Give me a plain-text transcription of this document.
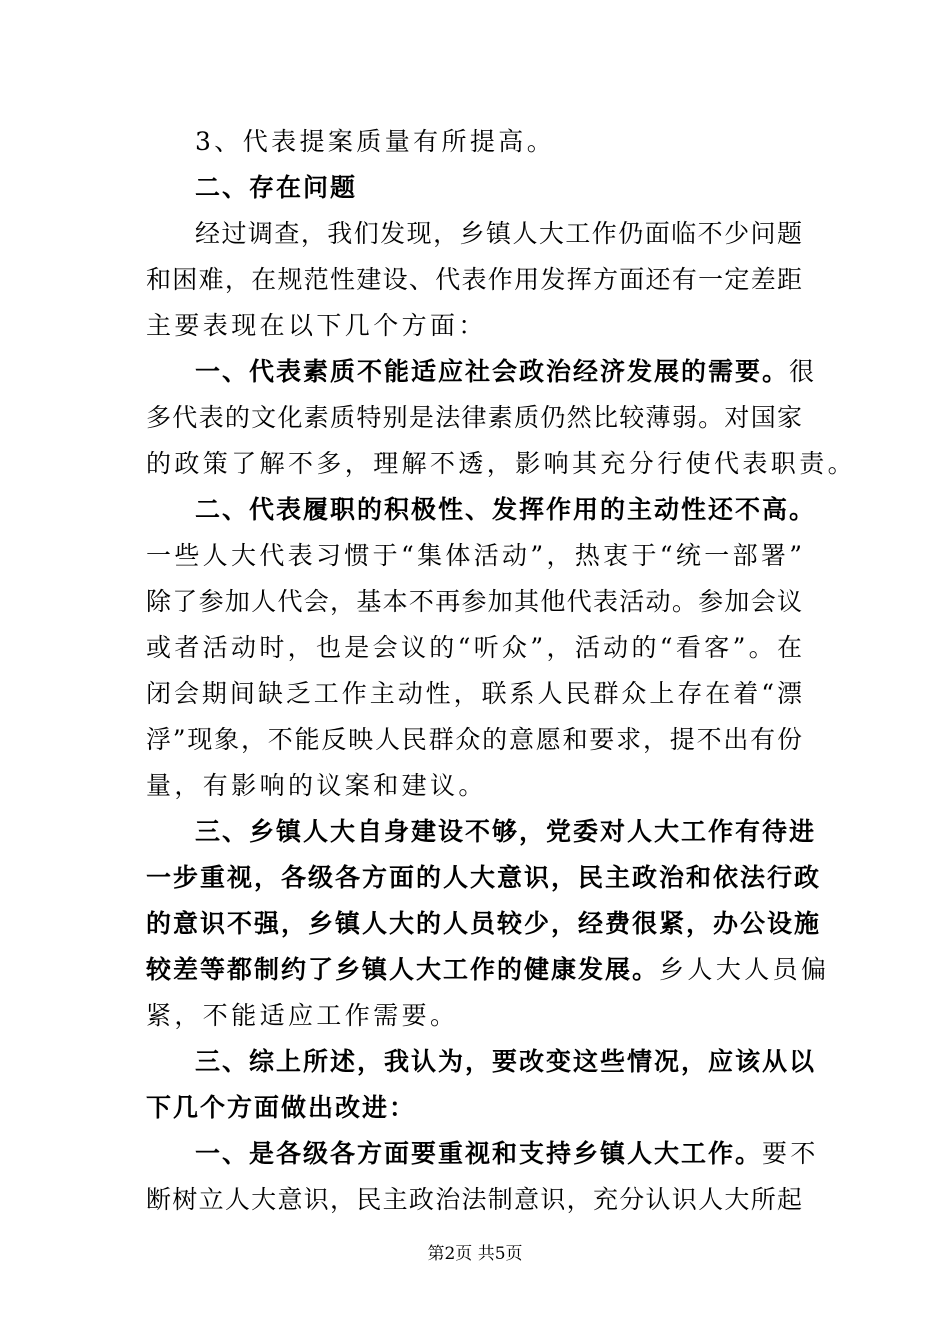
3、代表提案质量有所提高。
二、存在问题
经过调查，我们发现，乡镇人大工作仍面临不少问题
和困难，在规范性建设、代表作用发挥方面还有一定差距
主要表现在以下几个方面：
一、代表素质不能适应社会政治经济发展的需要。很
多代表的文化素质特别是法律素质仍然比较薄弱。对国家
的政策了解不多，理解不透，影响其充分行使代表职责。
二、代表履职的积极性、发挥作用的主动性还不高。
一些人大代表习惯于“集体活动”，热衷于“统一部署”
除了参加人代会，基本不再参加其他代表活动。参加会议
或者活动时，也是会议的“听众”，活动的“看客”。在
闭会期间缺乏工作主动性，联系人民群众上存在着“漂
浮”现象，不能反映人民群众的意愿和要求，提不出有份
量，有影响的议案和建议。
三、乡镇人大自身建设不够，党委对人大工作有待进
一步重视，各级各方面的人大意识，民主政治和依法行政
的意识不强，乡镇人大的人员较少，经费很紧，办公设施
较差等都制约了乡镇人大工作的健康发展。乡人大人员偏
紧，不能适应工作需要。
三、综上所述，我认为，要改变这些情况，应该从以
下几个方面做出改进：
一、是各级各方面要重视和支持乡镇人大工作。要不
断树立人大意识，民主政治法制意识，充分认识人大所起
第2页 共5页
